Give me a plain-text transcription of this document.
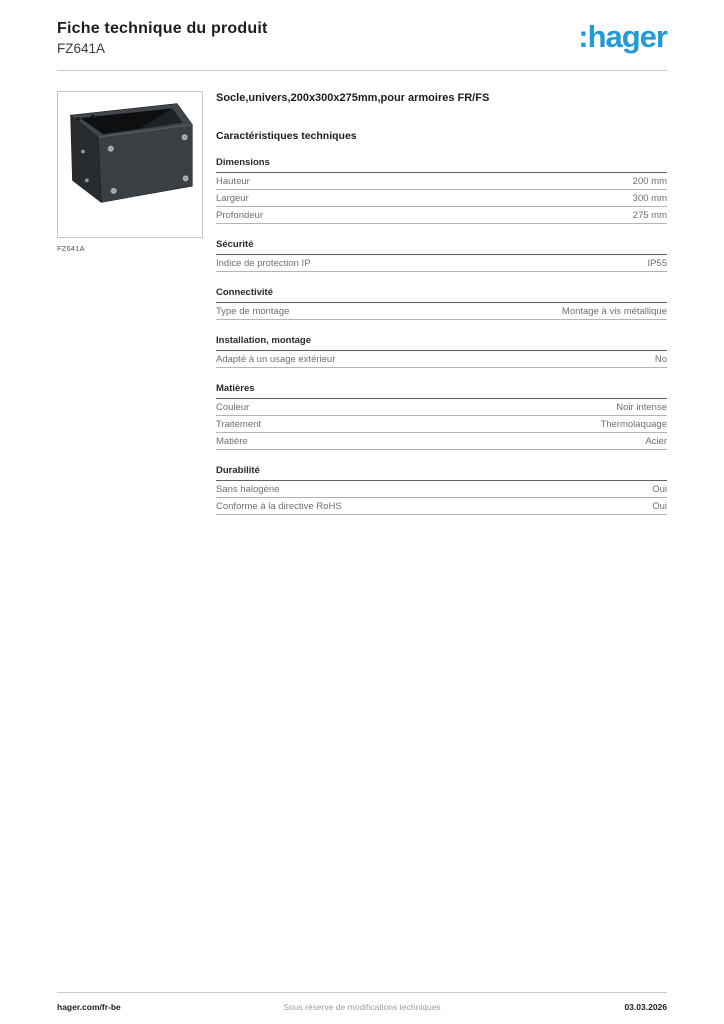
Fiche technique du produit
FZ641A	:hager
FZ641A
Socle,univers,200x300x275mm,pour armoires FR/FS
Caractéristiques techniques
Dimensions
Hauteur	200 mm
Largeur	300 mm
Profondeur	275 mm
Sécurité
Indice de protection IP	IP55
Connectivité
Type de montage	Montage à vis métallique
Installation, montage
Adapté à un usage extérieur	No
Matières
Couleur	Noir intense
Traitement	Thermolaquage
Matière	Acier
Durabilité
Sans halogène	Oui
Conforme à la directive RoHS	Oui
hager.com/fr-be	Sous réserve de modifications techniques	03.03.2026
